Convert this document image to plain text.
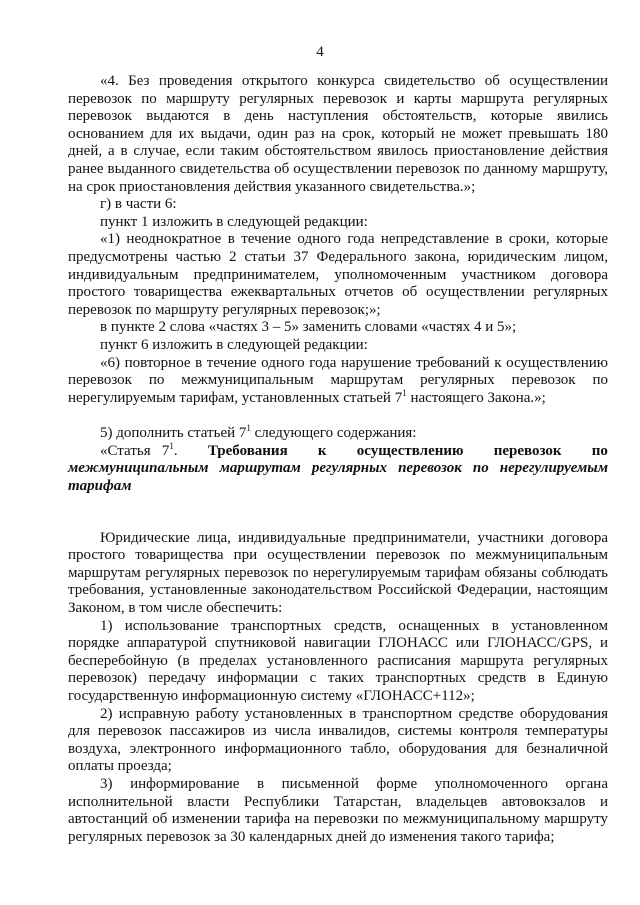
4

«4. Без проведения открытого конкурса свидетельство об осуществлении перевозок по маршруту регулярных перевозок и карты маршрута регулярных перевозок выдаются в день наступления обстоятельств, которые явились основанием для их выдачи, один раз на срок, который не может превышать 180 дней, а в случае, если таким обстоятельством явилось приостановление действия ранее выданного свидетельства об осуществлении перевозок по данному маршруту, на срок приостановления действия указанного свидетельства.»;

г) в части 6:

пункт 1 изложить в следующей редакции:

«1) неоднократное в течение одного года непредставление в сроки, которые предусмотрены частью 2 статьи 37 Федерального закона, юридическим лицом, индивидуальным предпринимателем, уполномоченным участником договора простого товарищества ежеквартальных отчетов об осуществлении регулярных перевозок по маршруту регулярных перевозок;»;

в пункте 2 слова «частях 3 – 5» заменить словами «частях 4 и 5»;

пункт 6 изложить в следующей редакции:

«6) повторное в течение одного года нарушение требований к осуществлению перевозок по межмуниципальным маршрутам регулярных перевозок по нерегулируемым тарифам, установленных статьей $7^1$ настоящего Закона.»;

5) дополнить статьей $7^1$ следующего содержания:

«Статья $7^1$. Требования к осуществлению перевозок по

межмуниципальным маршрутам регулярных перевозок по нерегулируемым тарифам

Юридические лица, индивидуальные предприниматели, участники договора простого товарищества при осуществлении перевозок по межмуниципальным маршрутам регулярных перевозок по нерегулируемым тарифам обязаны соблюдать требования, установленные законодательством Российской Федерации, настоящим Законом, в том числе обеспечить:

1) использование транспортных средств, оснащенных в установленном порядке аппаратурой спутниковой навигации ГЛОНАСС или ГЛОНАСС/GPS, и бесперебойную (в пределах установленного расписания маршрута регулярных перевозок) передачу информации с таких транспортных средств в Единую государственную информационную систему «ГЛОНАСС+112»;

2) исправную работу установленных в транспортном средстве оборудования для перевозок пассажиров из числа инвалидов, системы контроля температуры воздуха, электронного информационного табло, оборудования для безналичной оплаты проезда;

3) информирование в письменной форме уполномоченного органа исполнительной власти Республики Татарстан, владельцев автовокзалов и автостанций об изменении тарифа на перевозки по межмуниципальному маршруту регулярных перевозок за 30 календарных дней до изменения такого тарифа;
